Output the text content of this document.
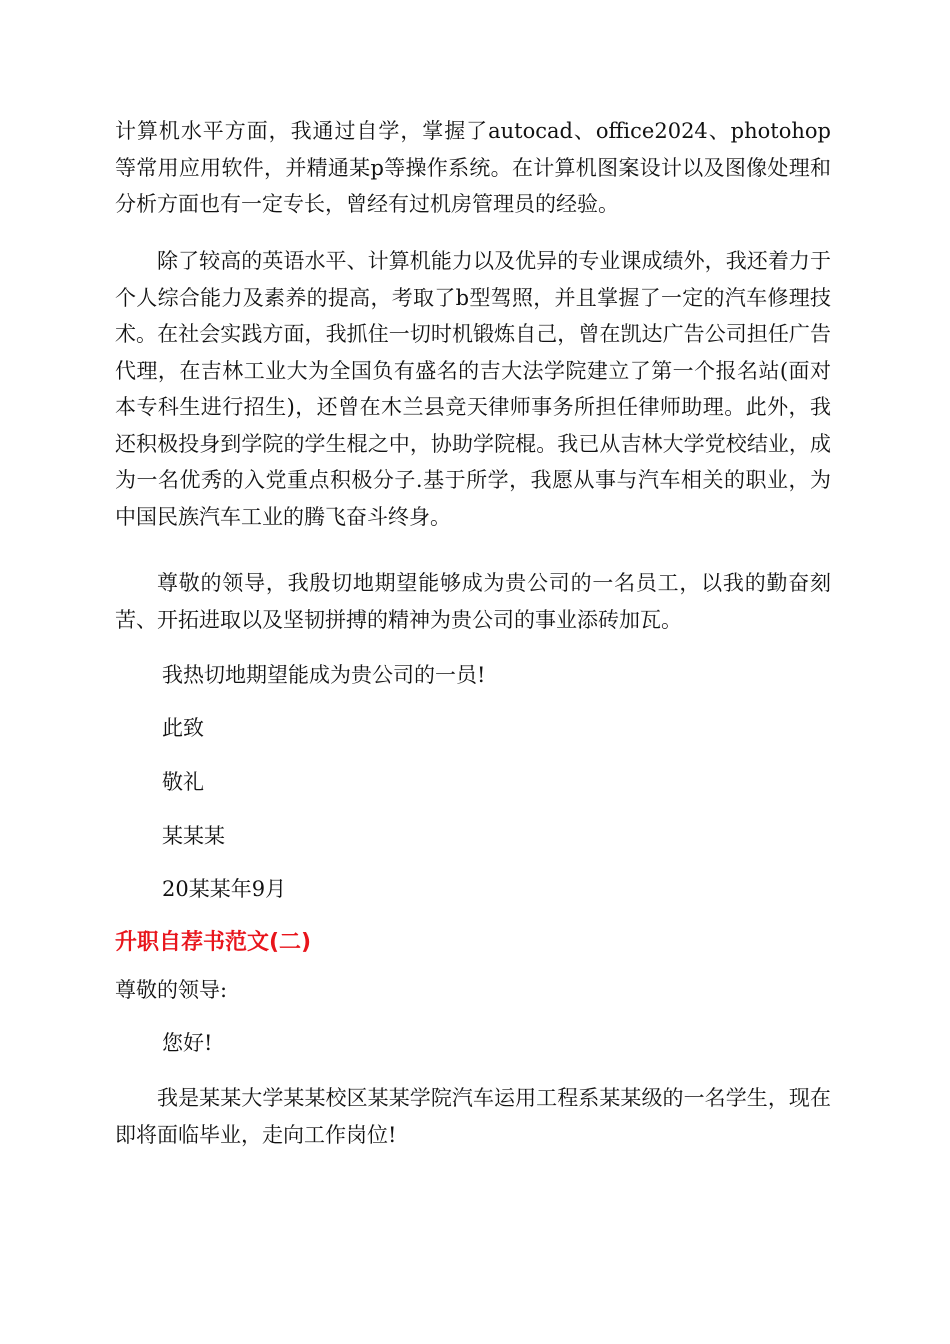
计算机水平方面，我通过自学，掌握了autocad、office2024、photohop等常用应用软件，并精通某p等操作系统。在计算机图案设计以及图像处理和分析方面也有一定专长，曾经有过机房管理员的经验。

除了较高的英语水平、计算机能力以及优异的专业课成绩外，我还着力于个人综合能力及素养的提高，考取了b型驾照，并且掌握了一定的汽车修理技术。在社会实践方面，我抓住一切时机锻炼自己，曾在凯达广告公司担任广告代理，在吉林工业大为全国负有盛名的吉大法学院建立了第一个报名站(面对本专科生进行招生)，还曾在木兰县竞天律师事务所担任律师助理。此外，我还积极投身到学院的学生棍之中，协助学院棍。我已从吉林大学党校结业，成为一名优秀的入党重点积极分子.基于所学，我愿从事与汽车相关的职业，为中国民族汽车工业的腾飞奋斗终身。

尊敬的领导，我殷切地期望能够成为贵公司的一名员工，以我的勤奋刻苦、开拓进取以及坚韧拼搏的精神为贵公司的事业添砖加瓦。

我热切地期望能成为贵公司的一员!

此致

敬礼

某某某

20某某年9月

升职自荐书范文(二)

尊敬的领导:

您好!

我是某某大学某某校区某某学院汽车运用工程系某某级的一名学生，现在即将面临毕业，走向工作岗位!
